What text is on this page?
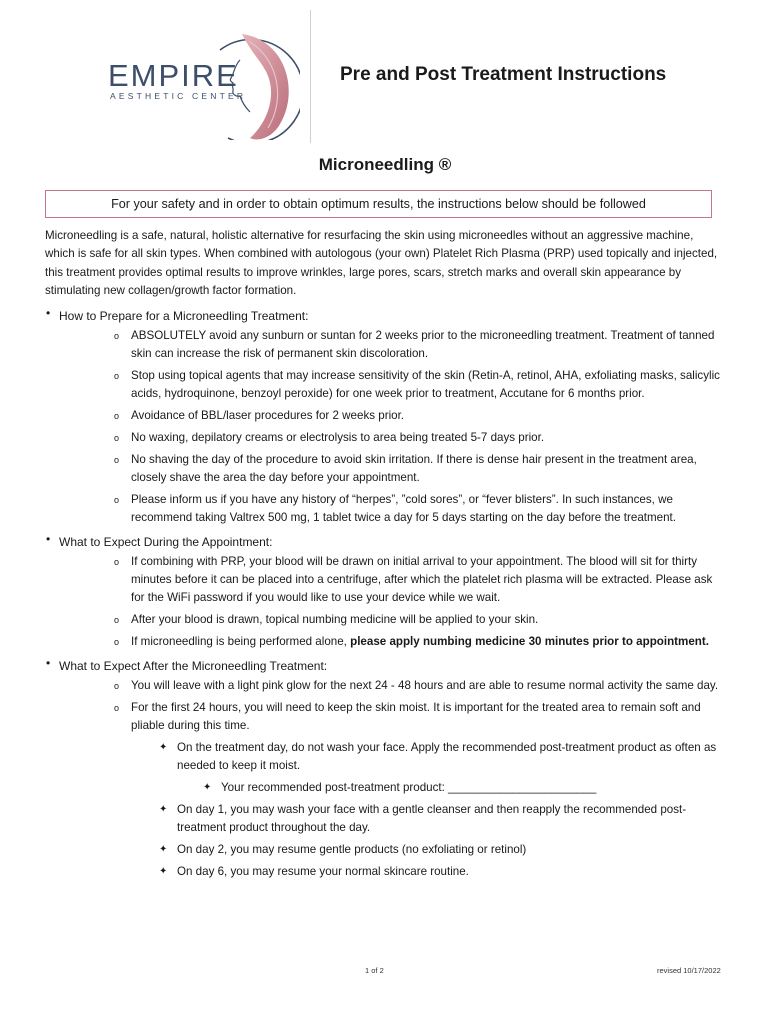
EMPIRE
AESTHETIC CENTER
Pre and Post Treatment Instructions
Microneedling ®
For your safety and in order to obtain optimum results, the instructions below should be followed

Microneedling is a safe, natural, holistic alternative for resurfacing the skin using microneedles without an aggressive machine, which is safe for all skin types. When combined with autologous (your own) Platelet Rich Plasma (PRP) used topically and injected, this treatment provides optimal results to improve wrinkles, large pores, scars, stretch marks and overall skin appearance by stimulating new collagen/growth factor formation.

• How to Prepare for a Microneedling Treatment:
o ABSOLUTELY avoid any sunburn or suntan for 2 weeks prior to the microneedling treatment. Treatment of tanned skin can increase the risk of permanent skin discoloration.
o Stop using topical agents that may increase sensitivity of the skin (Retin-A, retinol, AHA, exfoliating masks, salicylic acids, hydroquinone, benzoyl peroxide) for one week prior to treatment, Accutane for 6 months prior.
o Avoidance of BBL/laser procedures for 2 weeks prior.
o No waxing, depilatory creams or electrolysis to area being treated 5-7 days prior.
o No shaving the day of the procedure to avoid skin irritation. If there is dense hair present in the treatment area, closely shave the area the day before your appointment.
o Please inform us if you have any history of “herpes”, ”cold sores”, or “fever blisters”. In such instances, we recommend taking Valtrex 500 mg, 1 tablet twice a day for 5 days starting on the day before the treatment.
• What to Expect During the Appointment:
o If combining with PRP, your blood will be drawn on initial arrival to your appointment. The blood will sit for thirty minutes before it can be placed into a centrifuge, after which the platelet rich plasma will be extracted. Please ask for the WiFi password if you would like to use your device while we wait.
o After your blood is drawn, topical numbing medicine will be applied to your skin.
o If microneedling is being performed alone, please apply numbing medicine 30 minutes prior to appointment.
• What to Expect After the Microneedling Treatment:
o You will leave with a light pink glow for the next 24 - 48 hours and are able to resume normal activity the same day.
o For the first 24 hours, you will need to keep the skin moist. It is important for the treated area to remain soft and pliable during this time.
✦ On the treatment day, do not wash your face. Apply the recommended post-treatment product as often as needed to keep it moist.
✦ Your recommended post-treatment product: _______________________
✦ On day 1, you may wash your face with a gentle cleanser and then reapply the recommended post-treatment product throughout the day.
✦ On day 2, you may resume gentle products (no exfoliating or retinol)
✦ On day 6, you may resume your normal skincare routine.
1 of 2	revised 10/17/2022
